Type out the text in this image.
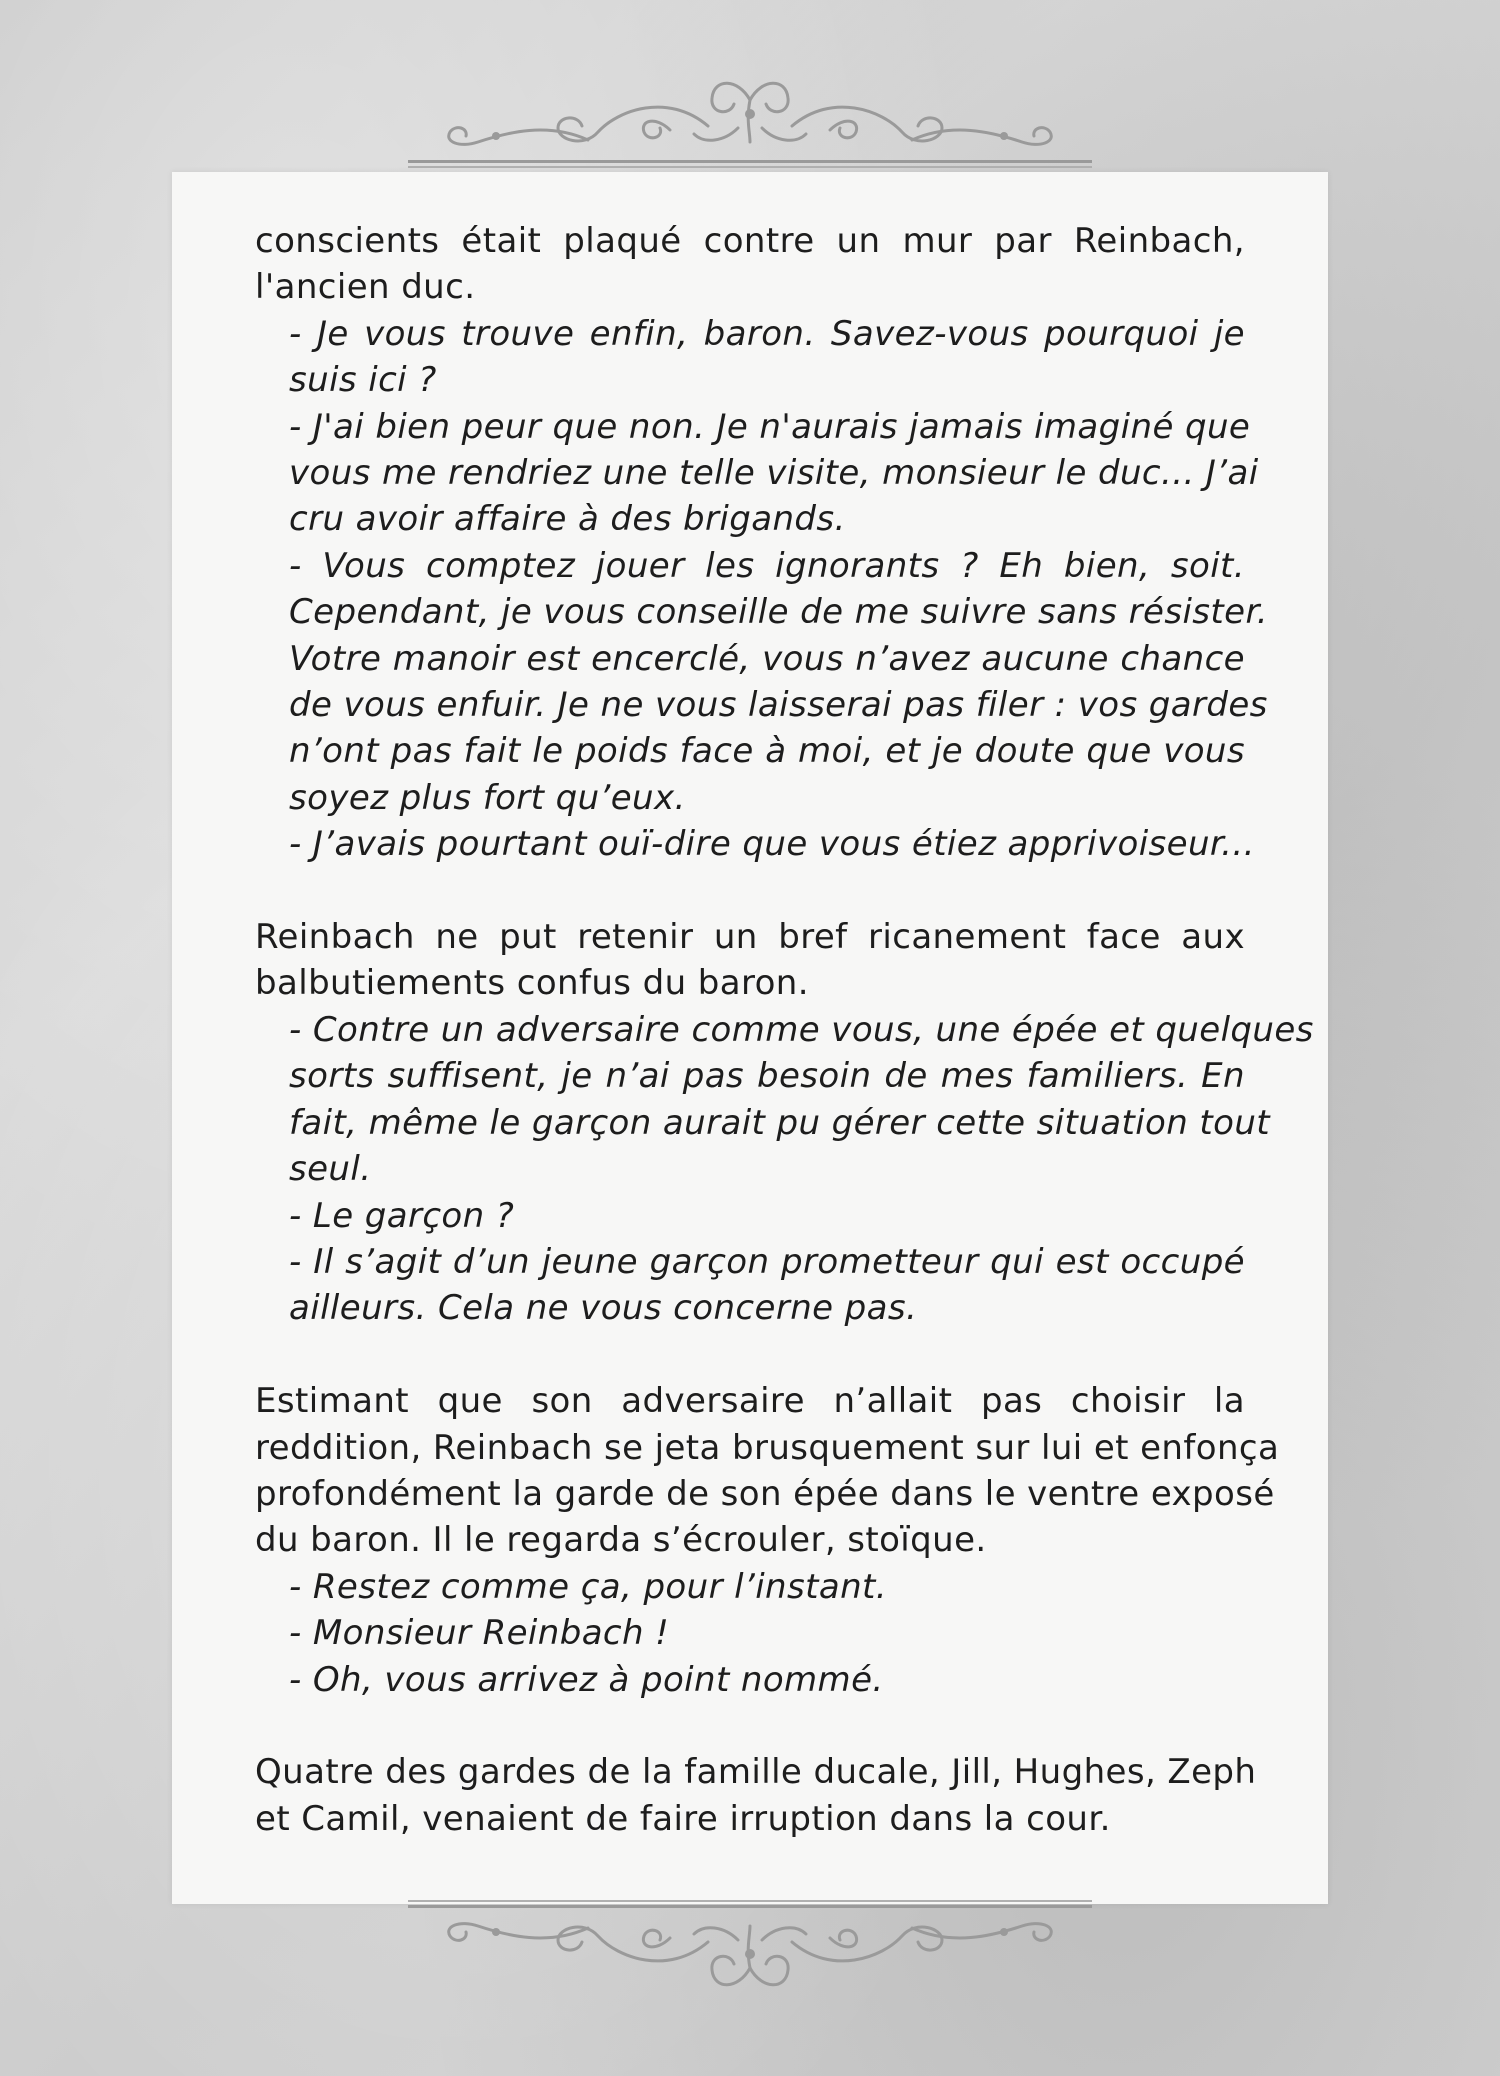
conscients était plaqué contre un mur par Reinbach,
l'ancien duc.
- Je vous trouve enfin, baron. Savez-vous pourquoi je
suis ici ?
- J'ai bien peur que non. Je n'aurais jamais imaginé que
vous me rendriez une telle visite, monsieur le duc... J’ai
cru avoir affaire à des brigands.
- Vous comptez jouer les ignorants ? Eh bien, soit.
Cependant, je vous conseille de me suivre sans résister.
Votre manoir est encerclé, vous n’avez aucune chance
de vous enfuir. Je ne vous laisserai pas filer : vos gardes
n’ont pas fait le poids face à moi, et je doute que vous
soyez plus fort qu’eux.
- J’avais pourtant ouï-dire que vous étiez apprivoiseur...
Reinbach ne put retenir un bref ricanement face aux
balbutiements confus du baron.
- Contre un adversaire comme vous, une épée et quelques
sorts suffisent, je n’ai pas besoin de mes familiers. En
fait, même le garçon aurait pu gérer cette situation tout
seul.
- Le garçon ?
- Il s’agit d’un jeune garçon prometteur qui est occupé
ailleurs. Cela ne vous concerne pas.
Estimant que son adversaire n’allait pas choisir la
reddition, Reinbach se jeta brusquement sur lui et enfonça
profondément la garde de son épée dans le ventre exposé
du baron. Il le regarda s’écrouler, stoïque.
- Restez comme ça, pour l’instant.
- Monsieur Reinbach !
- Oh, vous arrivez à point nommé.
Quatre des gardes de la famille ducale, Jill, Hughes, Zeph
et Camil, venaient de faire irruption dans la cour.
